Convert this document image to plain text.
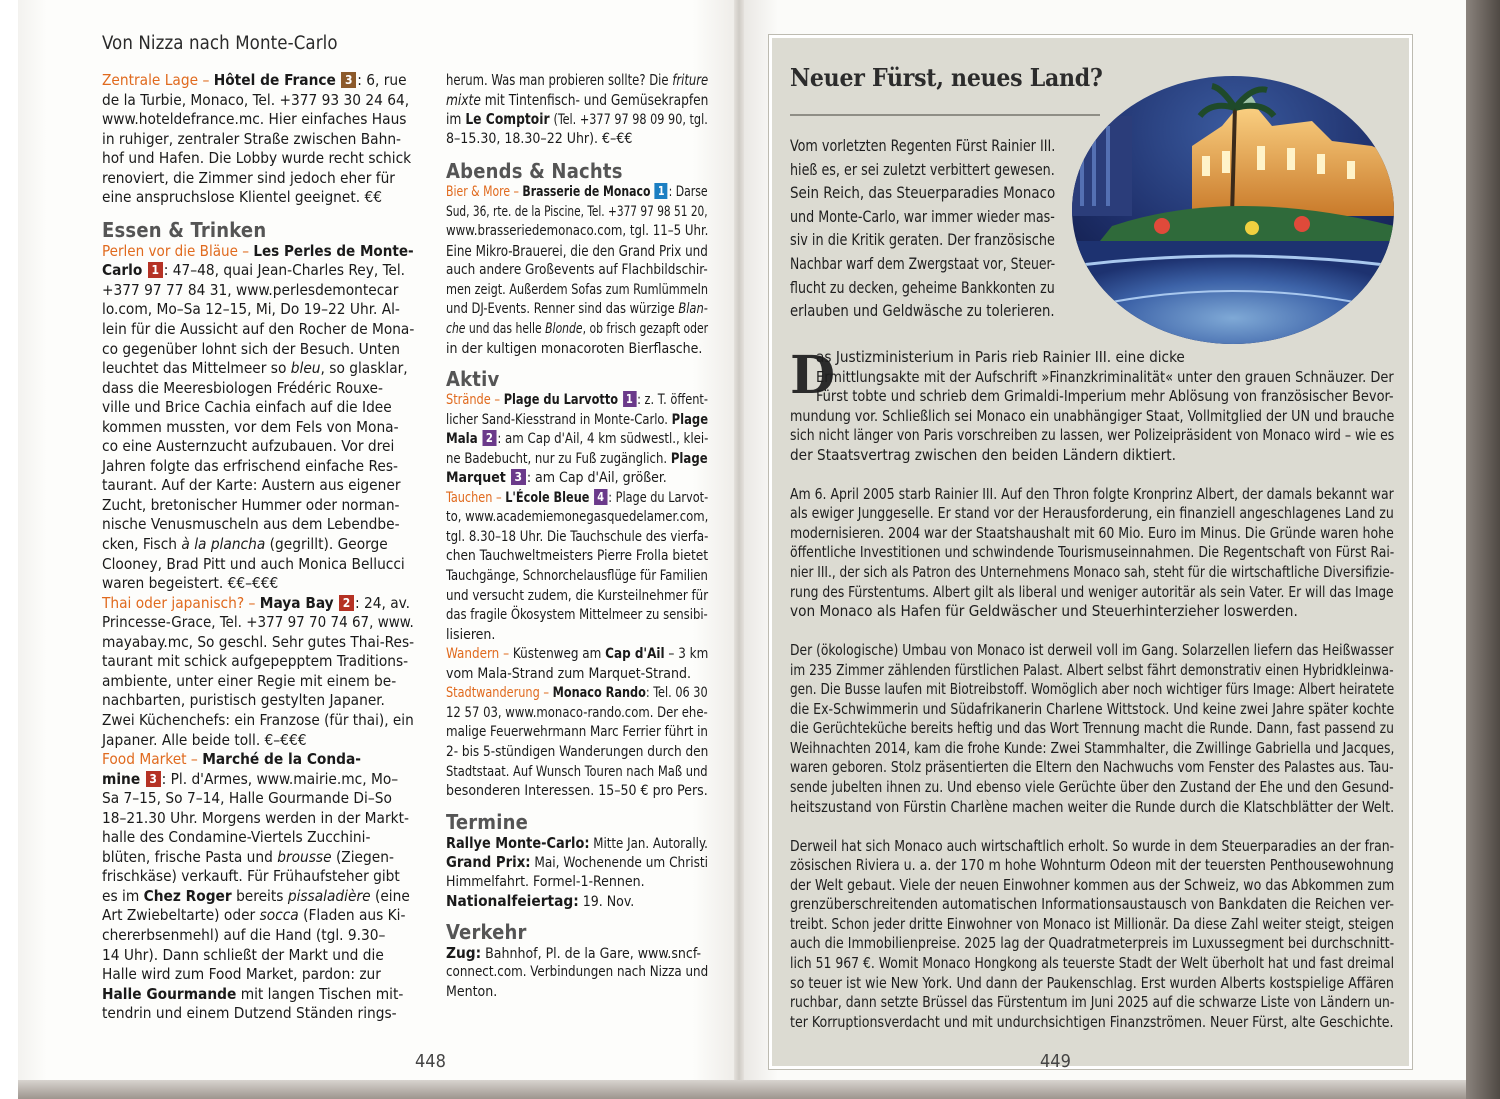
Von Nizza nach Monte-Carlo
Zentrale Lage – Hôtel de France 3 : 6, rue
de la Turbie, Monaco, Tel. +377 93 30 24 64,
www.hoteldefrance.mc. Hier einfaches Haus
in ruhiger, zentraler Straße zwischen Bahn-
hof und Hafen. Die Lobby wurde recht schick
renoviert, die Zimmer sind jedoch eher für
eine anspruchslose Klientel geeignet. €€
Essen & Trinken
Perlen vor die Bläue – Les Perles de Monte-
Carlo 1 : 47–48, quai Jean-Charles Rey, Tel.
+377 97 77 84 31, www.perlesdemontecar
lo.com, Mo–Sa 12–15, Mi, Do 19–22 Uhr. Al-
lein für die Aussicht auf den Rocher de Mona-
co gegenüber lohnt sich der Besuch. Unten
leuchtet das Mittelmeer so bleu, so glasklar,
dass die Meeresbiologen Frédéric Rouxe-
ville und Brice Cachia einfach auf die Idee
kommen mussten, vor dem Fels von Mona-
co eine Austernzucht aufzubauen. Vor drei
Jahren folgte das erfrischend einfache Res-
taurant. Auf der Karte: Austern aus eigener
Zucht, bretonischer Hummer oder norman-
nische Venusmuscheln aus dem Lebendbe-
cken, Fisch à la plancha (gegrillt). George
Clooney, Brad Pitt und auch Monica Bellucci
waren begeistert. €€–€€€
Thai oder japanisch? – Maya Bay 2 : 24, av.
Princesse-Grace, Tel. +377 97 70 74 67, www.
mayabay.mc, So geschl. Sehr gutes Thai-Res-
taurant mit schick aufgepepptem Traditions-
ambiente, unter einer Regie mit einem be-
nachbarten, puristisch gestylten Japaner.
Zwei Küchenchefs: ein Franzose (für thai), ein
Japaner. Alle beide toll. €–€€€
Food Market – Marché de la Conda-
mine 3 : Pl. d'Armes, www.mairie.mc, Mo–
Sa 7–15, So 7–14, Halle Gourmande Di–So
18–21.30 Uhr. Morgens werden in der Markt-
halle des Condamine-Viertels Zucchini-
blüten, frische Pasta und brousse (Ziegen-
frischkäse) verkauft. Für Frühaufsteher gibt
es im Chez Roger bereits pissaladière (eine
Art Zwiebeltarte) oder socca (Fladen aus Ki-
chererbsenmehl) auf die Hand (tgl. 9.30–
14 Uhr). Dann schließt der Markt und die
Halle wird zum Food Market, pardon: zur
Halle Gourmande mit langen Tischen mit-
tendrin und einem Dutzend Ständen rings-
herum. Was man probieren sollte? Die friture
mixte mit Tintenfisch- und Gemüsekrapfen
im Le Comptoir (Tel. +377 97 98 09 90, tgl.
8–15.30, 18.30–22 Uhr). €–€€
Abends & Nachts
Bier & More – Brasserie de Monaco 1 : Darse
Sud, 36, rte. de la Piscine, Tel. +377 97 98 51 20,
www.brasseriedemonaco.com, tgl. 11–5 Uhr.
Eine Mikro-Brauerei, die den Grand Prix und
auch andere Großevents auf Flachbildschir-
men zeigt. Außerdem Sofas zum Rumlümmeln
und DJ-Events. Renner sind das würzige Blan-
che und das helle Blonde, ob frisch gezapft oder
in der kultigen monacoroten Bierflasche.
Aktiv
Strände – Plage du Larvotto 1 : z. T. öffent-
licher Sand-Kiesstrand in Monte-Carlo. Plage
Mala 2 : am Cap d'Ail, 4 km südwestl., klei-
ne Badebucht, nur zu Fuß zugänglich. Plage
Marquet 3 : am Cap d'Ail, größer.
Tauchen – L'École Bleue 4 : Plage du Larvot-
to, www.academiemonegasquedelamer.com,
tgl. 8.30–18 Uhr. Die Tauchschule des vierfa-
chen Tauchweltmeisters Pierre Frolla bietet
Tauchgänge, Schnorchelausflüge für Familien
und versucht zudem, die Kursteilnehmer für
das fragile Ökosystem Mittelmeer zu sensibi-
lisieren.
Wandern – Küstenweg am Cap d'Ail – 3 km
vom Mala-Strand zum Marquet-Strand.
Stadtwanderung – Monaco Rando: Tel. 06 30
12 57 03, www.monaco-rando.com. Der ehe-
malige Feuerwehrmann Marc Ferrier führt in
2- bis 5-stündigen Wanderungen durch den
Stadtstaat. Auf Wunsch Touren nach Maß und
besonderen Interessen. 15–50 € pro Pers.
Termine
Rallye Monte-Carlo: Mitte Jan. Autorally.
Grand Prix: Mai, Wochenende um Christi
Himmelfahrt. Formel-1-Rennen.
Nationalfeiertag: 19. Nov.
Verkehr
Zug: Bahnhof, Pl. de la Gare, www.sncf-
connect.com. Verbindungen nach Nizza und
Menton.
448
Neuer Fürst, neues Land?
Vom vorletzten Regenten Fürst Rainier III.
hieß es, er sei zuletzt verbittert gewesen.
Sein Reich, das Steuerparadies Monaco
und Monte-Carlo, war immer wieder mas-
siv in die Kritik geraten. Der französische
Nachbar warf dem Zwergstaat vor, Steuer-
flucht zu decken, geheime Bankkonten zu
erlauben und Geldwäsche zu tolerieren.
D
as Justizministerium in Paris rieb Rainier III. eine dicke
Ermittlungsakte mit der Aufschrift »Finanzkriminalität« unter den grauen Schnäuzer. Der
Fürst tobte und schrieb dem Grimaldi-Imperium mehr Ablösung von französischer Bevor-
mundung vor. Schließlich sei Monaco ein unabhängiger Staat, Vollmitglied der UN und brauche
sich nicht länger von Paris vorschreiben zu lassen, wer Polizeipräsident von Monaco wird – wie es
der Staatsvertrag zwischen den beiden Ländern diktiert.
Am 6. April 2005 starb Rainier III. Auf den Thron folgte Kronprinz Albert, der damals bekannt war
als ewiger Junggeselle. Er stand vor der Herausforderung, ein finanziell angeschlagenes Land zu
modernisieren. 2004 war der Staatshaushalt mit 60 Mio. Euro im Minus. Die Gründe waren hohe
öffentliche Investitionen und schwindende Tourismuseinnahmen. Die Regentschaft von Fürst Rai-
nier III., der sich als Patron des Unternehmens Monaco sah, steht für die wirtschaftliche Diversifizie-
rung des Fürstentums. Albert gilt als liberal und weniger autoritär als sein Vater. Er will das Image
von Monaco als Hafen für Geldwäscher und Steuerhinterzieher loswerden.
Der (ökologische) Umbau von Monaco ist derweil voll im Gang. Solarzellen liefern das Heißwasser
im 235 Zimmer zählenden fürstlichen Palast. Albert selbst fährt demonstrativ einen Hybridkleinwa-
gen. Die Busse laufen mit Biotreibstoff. Womöglich aber noch wichtiger fürs Image: Albert heiratete
die Ex-Schwimmerin und Südafrikanerin Charlene Wittstock. Und keine zwei Jahre später kochte
die Gerüchteküche bereits heftig und das Wort Trennung macht die Runde. Dann, fast passend zu
Weihnachten 2014, kam die frohe Kunde: Zwei Stammhalter, die Zwillinge Gabriella und Jacques,
waren geboren. Stolz präsentierten die Eltern den Nachwuchs vom Fenster des Palastes aus. Tau-
sende jubelten ihnen zu. Und ebenso viele Gerüchte über den Zustand der Ehe und den Gesund-
heitszustand von Fürstin Charlène machen weiter die Runde durch die Klatschblätter der Welt.
Derweil hat sich Monaco auch wirtschaftlich erholt. So wurde in dem Steuerparadies an der fran-
zösischen Riviera u. a. der 170 m hohe Wohnturm Odeon mit der teuersten Penthousewohnung
der Welt gebaut. Viele der neuen Einwohner kommen aus der Schweiz, wo das Abkommen zum
grenzüberschreitenden automatischen Informationsaustausch von Bankdaten die Reichen ver-
treibt. Schon jeder dritte Einwohner von Monaco ist Millionär. Da diese Zahl weiter steigt, steigen
auch die Immobilienpreise. 2025 lag der Quadratmeterpreis im Luxussegment bei durchschnitt-
lich 51 967 €. Womit Monaco Hongkong als teuerste Stadt der Welt überholt hat und fast dreimal
so teuer ist wie New York. Und dann der Paukenschlag. Erst wurden Alberts kostspielige Affären
ruchbar, dann setzte Brüssel das Fürstentum im Juni 2025 auf die schwarze Liste von Ländern un-
ter Korruptionsverdacht und mit undurchsichtigen Finanzströmen. Neuer Fürst, alte Geschichte.
449
